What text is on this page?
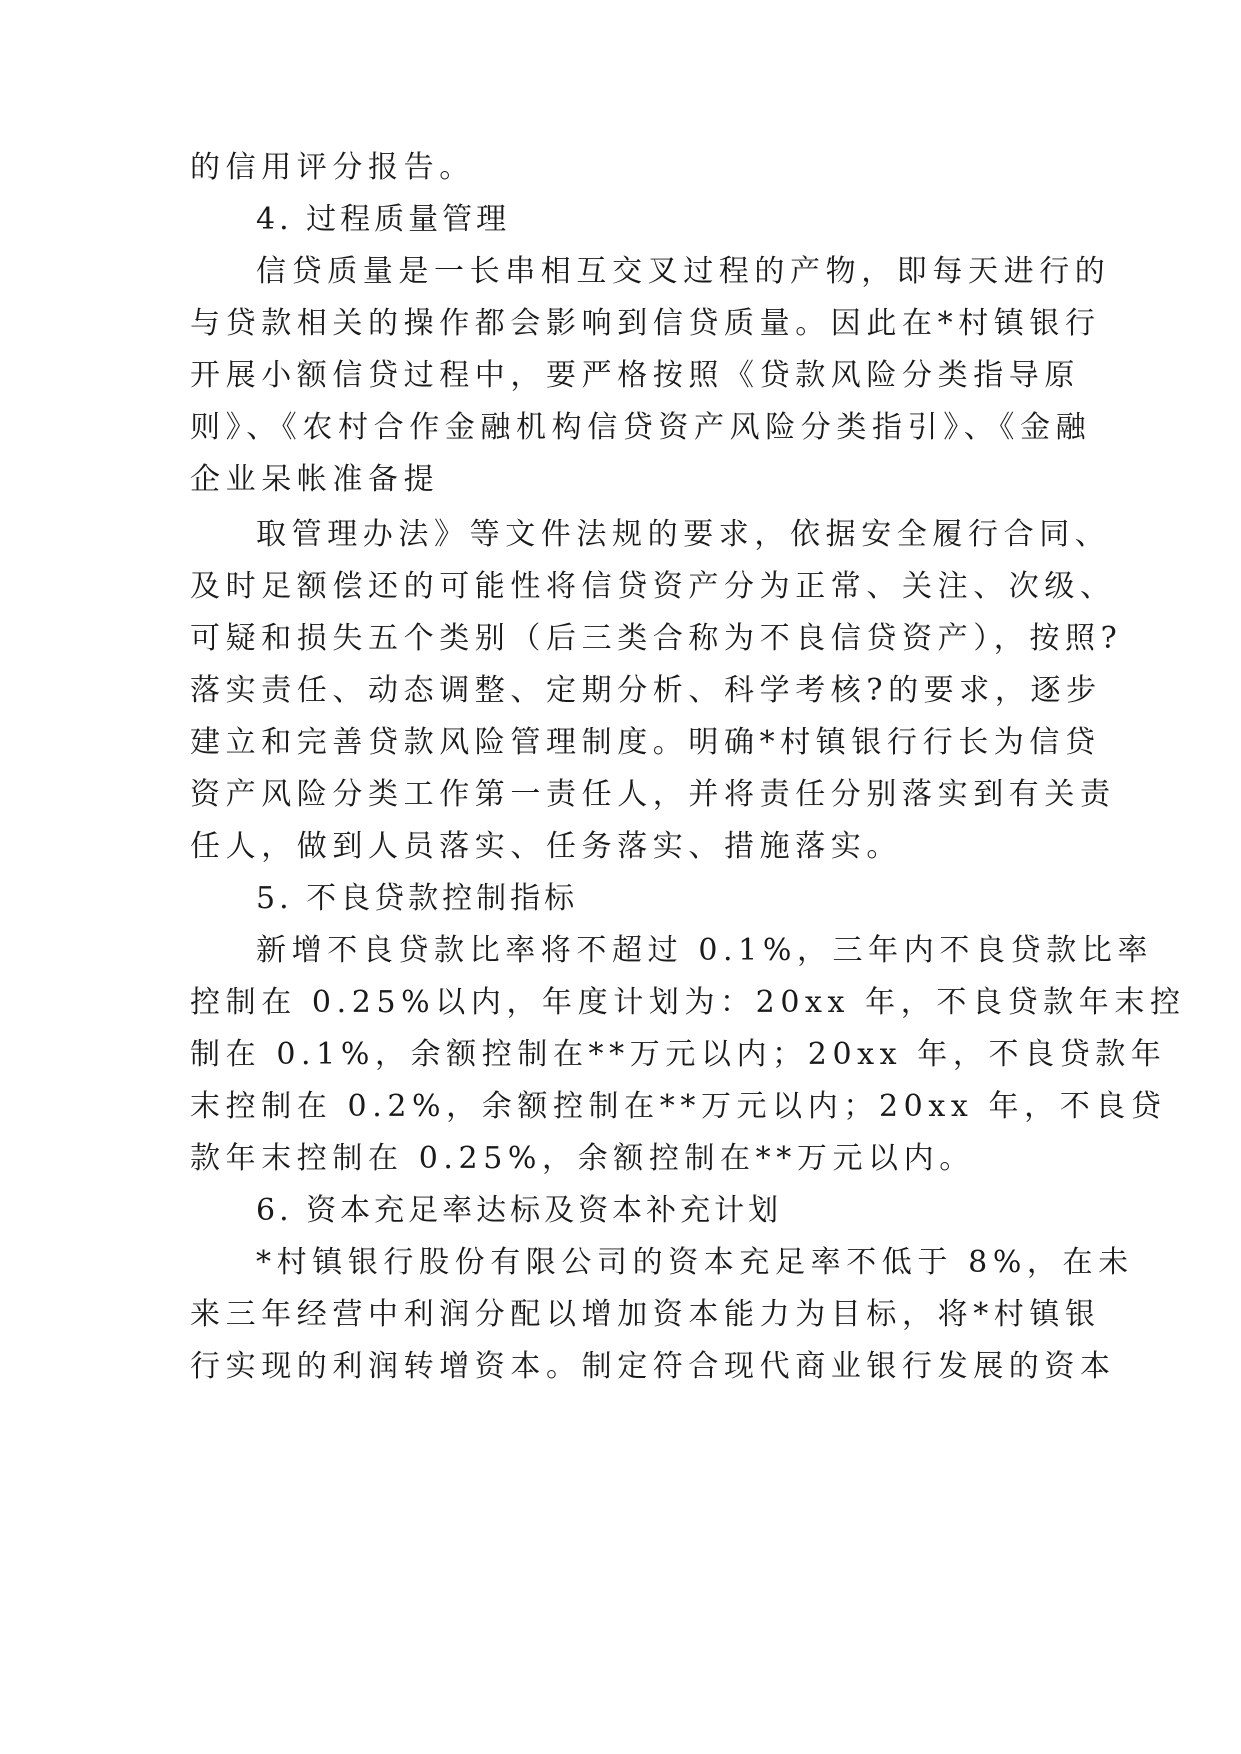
的信用评分报告。
4. 过程质量管理
信贷质量是一长串相互交叉过程的产物，即每天进行的
与贷款相关的操作都会影响到信贷质量。因此在*村镇银行
开展小额信贷过程中，要严格按照《贷款风险分类指导原
则》、《农村合作金融机构信贷资产风险分类指引》、《金融
企业呆帐准备提
取管理办法》等文件法规的要求，依据安全履行合同、
及时足额偿还的可能性将信贷资产分为正常、关注、次级、
可疑和损失五个类别（后三类合称为不良信贷资产），按照?
落实责任、动态调整、定期分析、科学考核?的要求，逐步
建立和完善贷款风险管理制度。明确*村镇银行行长为信贷
资产风险分类工作第一责任人，并将责任分别落实到有关责
任人，做到人员落实、任务落实、措施落实。
5. 不良贷款控制指标
新增不良贷款比率将不超过 0.1%，三年内不良贷款比率
控制在 0.25%以内，年度计划为：20xx 年，不良贷款年末控
制在 0.1%，余额控制在**万元以内；20xx 年，不良贷款年
末控制在 0.2%，余额控制在**万元以内；20xx 年，不良贷
款年末控制在 0.25%，余额控制在**万元以内。
6. 资本充足率达标及资本补充计划
*村镇银行股份有限公司的资本充足率不低于 8%，在未
来三年经营中利润分配以增加资本能力为目标，将*村镇银
行实现的利润转增资本。制定符合现代商业银行发展的资本
